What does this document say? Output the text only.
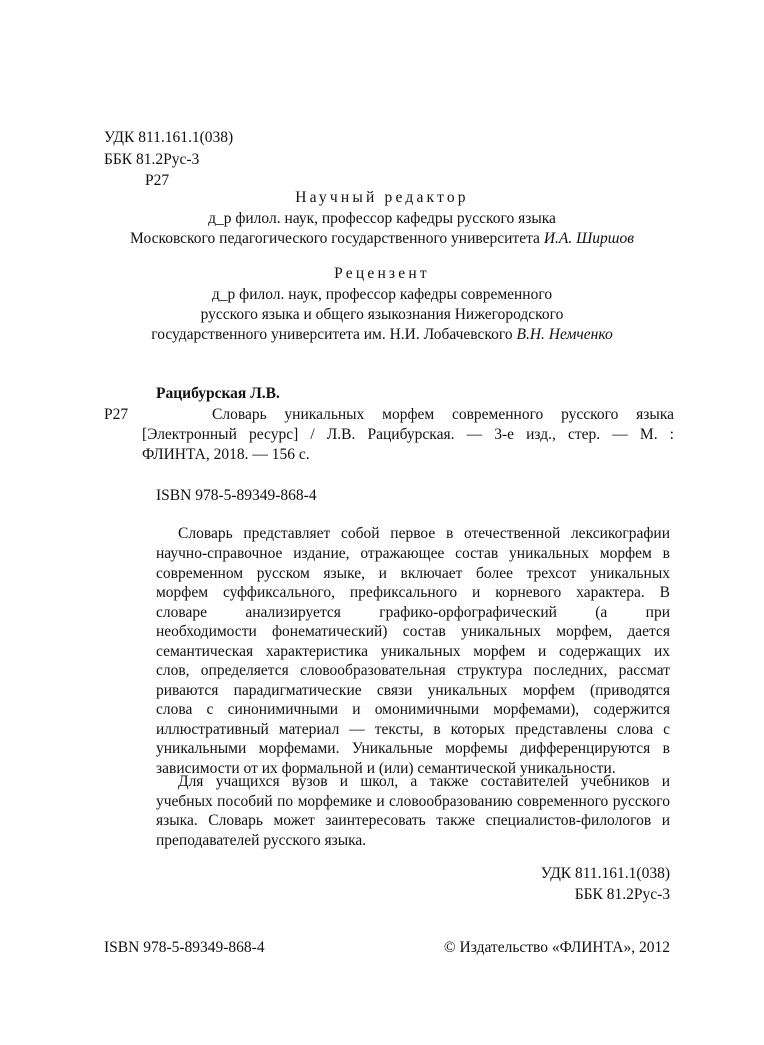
УДК 811.161.1(038)
ББК 81.2Рус-3
Р27
Научный редактор
д_р филол. наук, профессор кафедры русского языка
Московского педагогического государственного университета И.А. Ширшов
Рецензент
д_р филол. наук, профессор кафедры современного
русского языка и общего языкознания Нижегородского
государственного университета им. Н.И. Лобачевского В.Н. Немченко
Рацибурская Л.В.
Р27	Словарь уникальных морфем современного русского языка
[Электронный ресурс] / Л.В. Рацибурская. — 3-е изд., стер. — М. :
ФЛИНТА, 2018. — 156 с.
ISBN 978-5-89349-868-4
Словарь представляет собой первое в отечественной лексикографии
научно-справочное издание, отражающее состав уникальных морфем в
современном русском языке, и включает более трехсот уникальных
морфем суффиксального, префиксального и корневого характера. В
словаре анализируется графико-орфографический (а при
необходимости фонематический) состав уникальных морфем, дается
семантическая характеристика уникальных морфем и содержащих их
слов, определяется словообразовательная структура последних, рассмат
риваются парадигматические связи уникальных морфем (приводятся
слова с синонимичными и омонимичными морфемами), содержится
иллюстративный материал — тексты, в которых представлены слова с
уникальными морфемами. Уникальные морфемы дифференцируются в
зависимости от их формальной и (или) семантической уникальности.
Для учащихся вузов и школ, а также составителей учебников и
учебных пособий по морфемике и словообразованию современного русского
языка. Словарь может заинтересовать также специалистов-филологов и
преподавателей русского языка.
УДК 811.161.1(038)
ББК 81.2Рус-3
ISBN 978-5-89349-868-4	© Издательство «ФЛИНТА», 2012
